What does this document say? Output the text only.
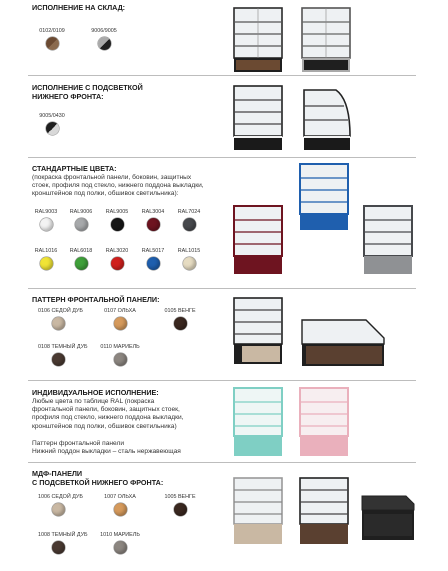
ИСПОЛНЕНИЕ НА СКЛАД:
0102/0109	9006/9005
ИСПОЛНЕНИЕ С ПОДСВЕТКОЙ
НИЖНЕГО ФРОНТА:
9005/0430
СТАНДАРТНЫЕ ЦВЕТА:
(покраска фронтальной панели, боковин, защитных
стоек, профиля под стекло, нижнего поддона выкладки,
кронштейнов под полки, обшивок светильника):
RAL9003	RAL9006	RAL9005	RAL3004	RAL7024
RAL1016	RAL6018	RAL3020	RAL5017	RAL1015
ПАТТЕРН ФРОНТАЛЬНОЙ ПАНЕЛИ:
0106 СЕДОЙ ДУБ	0107 ОЛЬХА	0105 ВЕНГЕ
0108 ТЕМНЫЙ ДУБ 0110 МАРИЕЛЬ
ИНДИВИДУАЛЬНОЕ ИСПОЛНЕНИЕ:
Любые цвета по таблице RAL (покраска
фронтальной панели, боковин, защитных стоек,
профиля под стекло, нижнего поддона выкладки,
кронштейнов под полки, обшивок светильника)
Паттерн фронтальной панели
Нижний поддон выкладки – сталь нержавеющая
МДФ-ПАНЕЛИ
С ПОДСВЕТКОЙ НИЖНЕГО ФРОНТА:
1006 СЕДОЙ ДУБ	1007 ОЛЬХА	1005 ВЕНГЕ
1008 ТЕМНЫЙ ДУБ 1010 МАРИЕЛЬ
